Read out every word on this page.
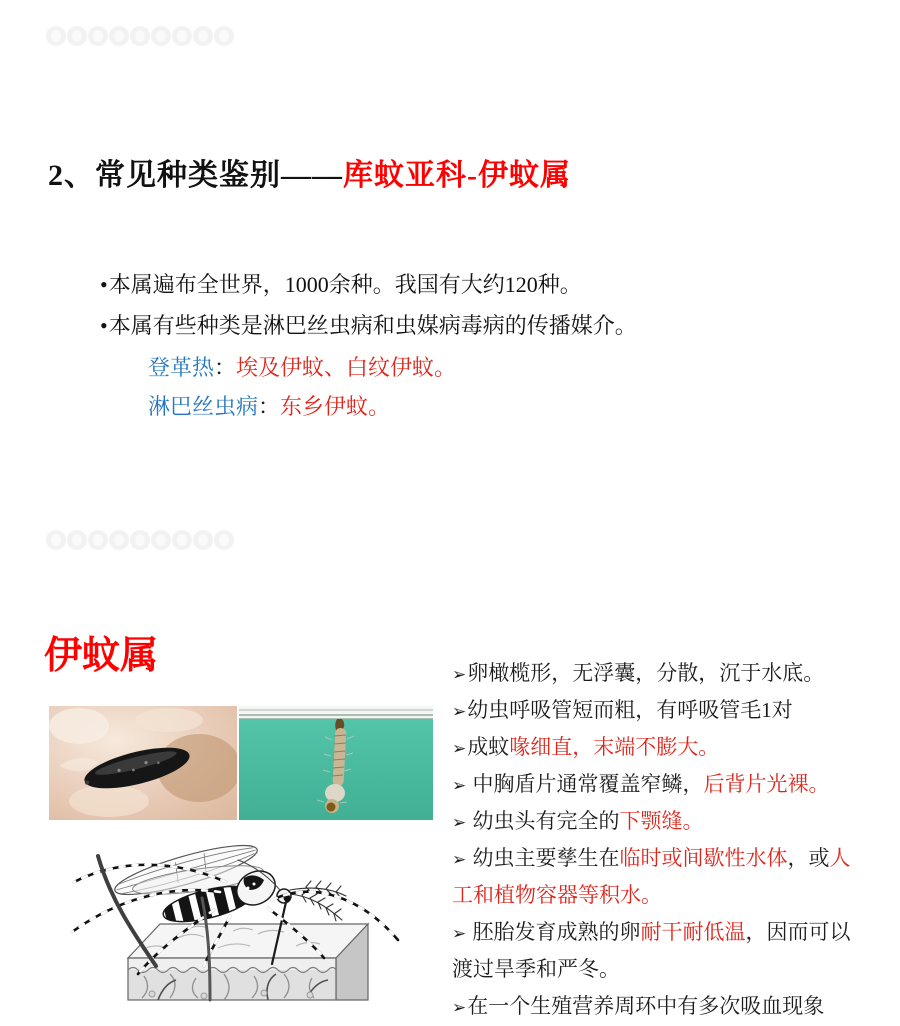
2、常见种类鉴别——库蚊亚科-伊蚊属

•本属遍布全世界，1000余种。我国有大约120种。

•本属有些种类是淋巴丝虫病和虫媒病毒病的传播媒介。

登革热：埃及伊蚊、白纹伊蚊。

淋巴丝虫病：东乡伊蚊。

伊蚊属	➢卵橄榄形，无浮囊，分散，沉于水底。

➢幼虫呼吸管短而粗，有呼吸管毛1对

➢成蚊喙细直，末端不膨大。

➢ 中胸盾片通常覆盖窄鳞，后背片光裸。

➢ 幼虫头有完全的下颚缝。

➢ 幼虫主要孳生在临时或间歇性水体，或人

工和植物容器等积水。

➢ 胚胎发育成熟的卵耐干耐低温，因而可以

渡过旱季和严冬。

➢在一个生殖营养周环中有多次吸血现象
